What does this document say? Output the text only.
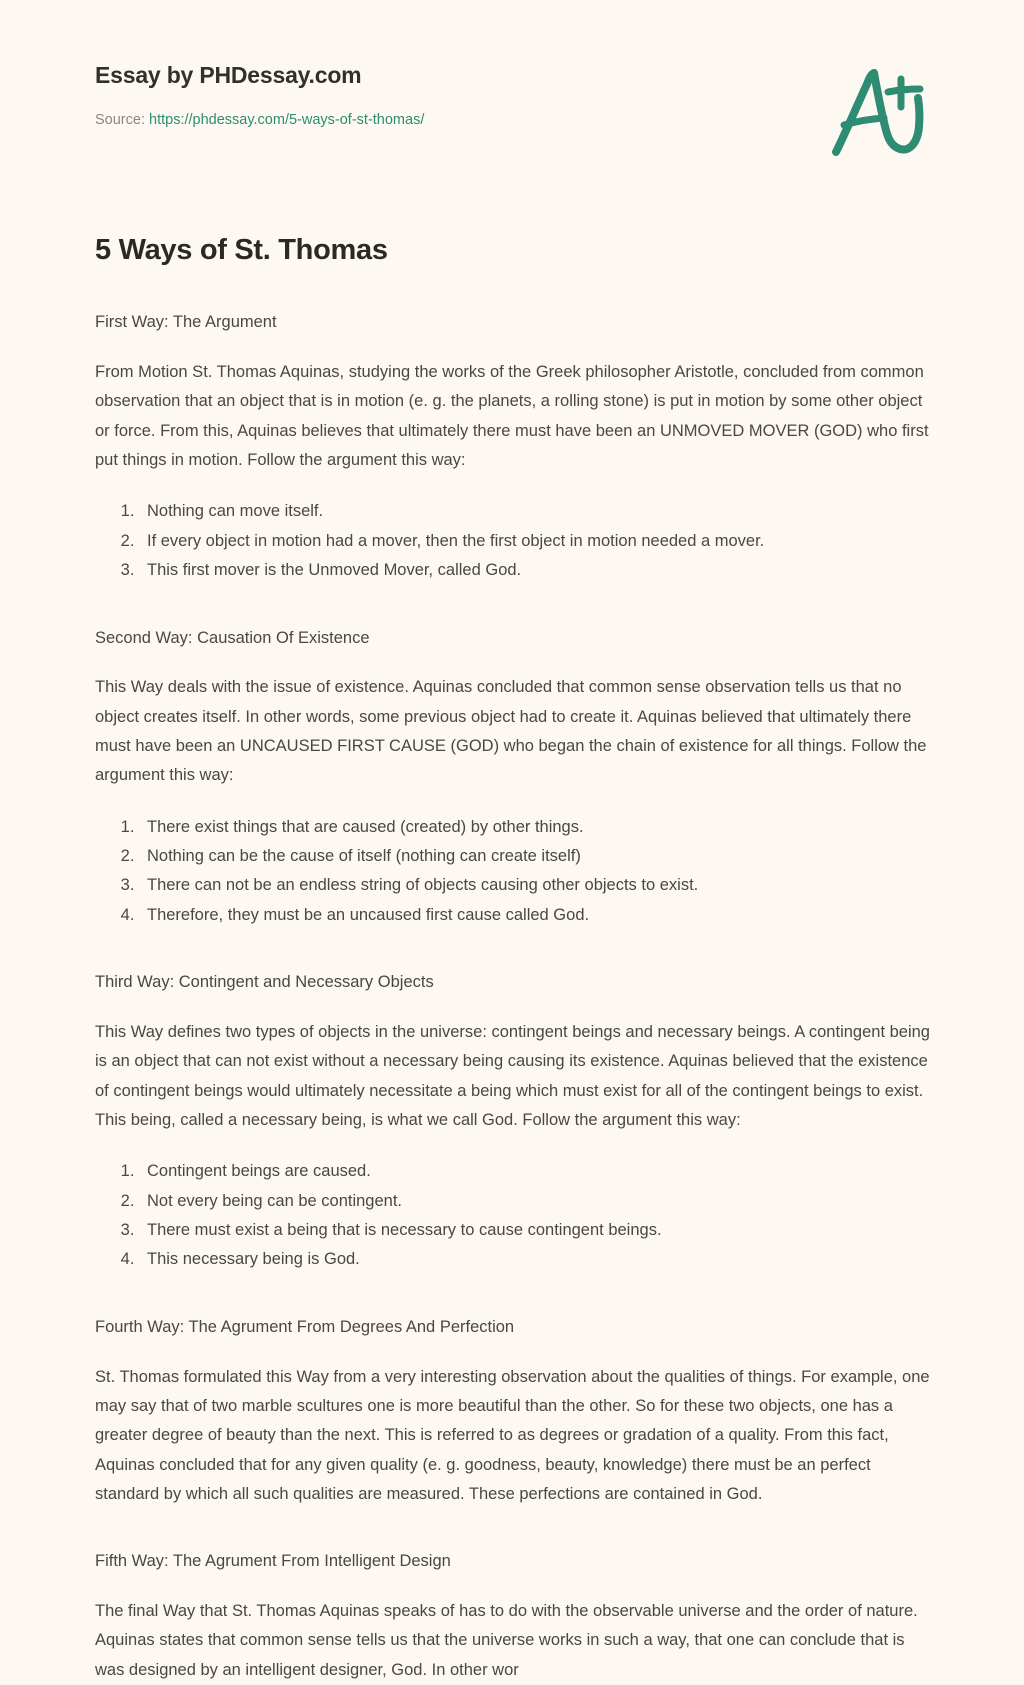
Essay by PHDessay.com
Source: https://phdessay.com/5-ways-of-st-thomas/
5 Ways of St. Thomas

First Way: The Argument

From Motion St. Thomas Aquinas, studying the works of the Greek philosopher Aristotle, concluded from common observation that an object that is in motion (e. g. the planets, a rolling stone) is put in motion by some other object or force. From this, Aquinas believes that ultimately there must have been an UNMOVED MOVER (GOD) who first put things in motion. Follow the argument this way:

1. Nothing can move itself.
2. If every object in motion had a mover, then the first object in motion needed a mover.
3. This first mover is the Unmoved Mover, called God.

Second Way: Causation Of Existence

This Way deals with the issue of existence. Aquinas concluded that common sense observation tells us that no object creates itself. In other words, some previous object had to create it. Aquinas believed that ultimately there must have been an UNCAUSED FIRST CAUSE (GOD) who began the chain of existence for all things. Follow the argument this way:

1. There exist things that are caused (created) by other things.
2. Nothing can be the cause of itself (nothing can create itself)
3. There can not be an endless string of objects causing other objects to exist.
4. Therefore, they must be an uncaused first cause called God.

Third Way: Contingent and Necessary Objects

This Way defines two types of objects in the universe: contingent beings and necessary beings. A contingent being is an object that can not exist without a necessary being causing its existence. Aquinas believed that the existence of contingent beings would ultimately necessitate a being which must exist for all of the contingent beings to exist. This being, called a necessary being, is what we call God. Follow the argument this way:

1. Contingent beings are caused.
2. Not every being can be contingent.
3. There must exist a being that is necessary to cause contingent beings.
4. This necessary being is God.

Fourth Way: The Agrument From Degrees And Perfection

St. Thomas formulated this Way from a very interesting observation about the qualities of things. For example, one may say that of two marble scultures one is more beautiful than the other. So for these two objects, one has a greater degree of beauty than the next. This is referred to as degrees or gradation of a quality. From this fact, Aquinas concluded that for any given quality (e. g. goodness, beauty, knowledge) there must be an perfect standard by which all such qualities are measured. These perfections are contained in God.

Fifth Way: The Agrument From Intelligent Design

The final Way that St. Thomas Aquinas speaks of has to do with the observable universe and the order of nature. Aquinas states that common sense tells us that the universe works in such a way, that one can conclude that is was designed by an intelligent designer, God. In other wor
